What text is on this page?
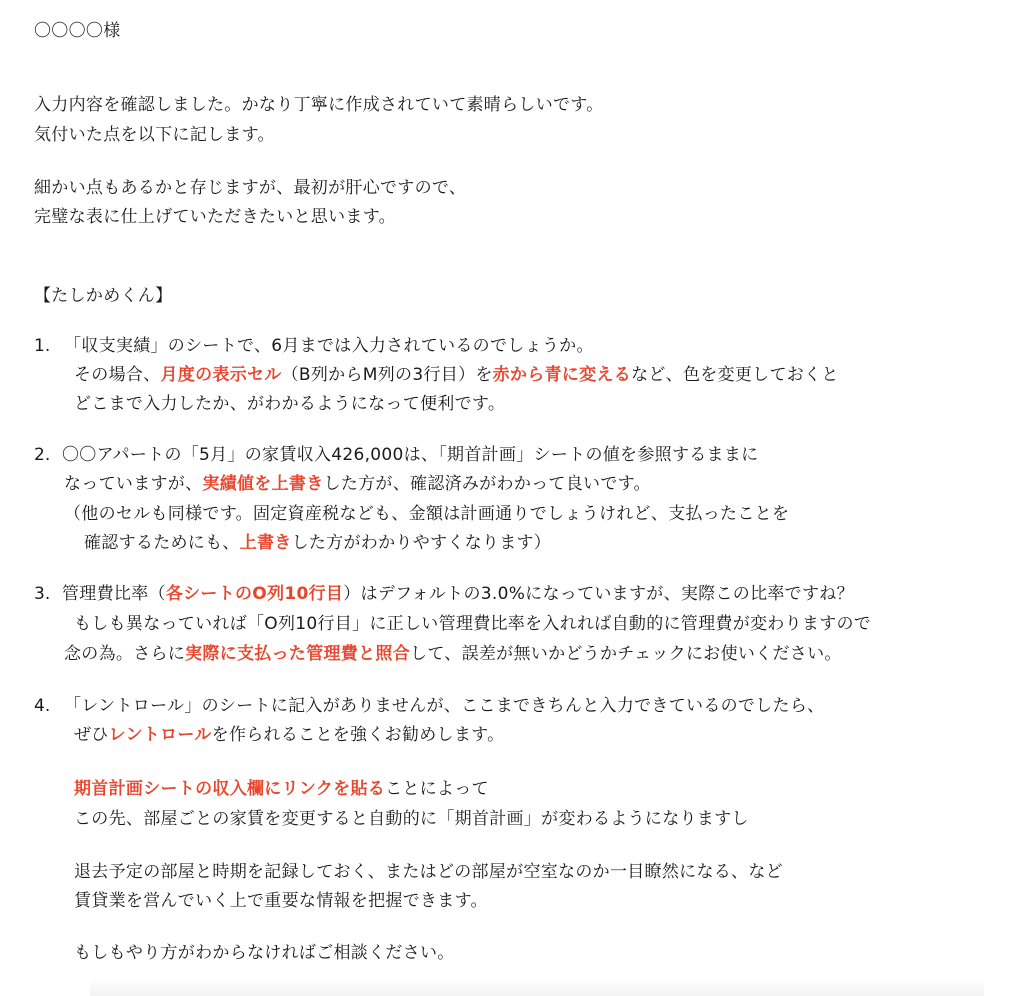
〇〇〇〇様
入力内容を確認しました。かなり丁寧に作成されていて素晴らしいです。
気付いた点を以下に記します。
細かい点もあるかと存じますが、最初が肝心ですので、
完璧な表に仕上げていただきたいと思います。
【たしかめくん】
1. 「収支実績」のシートで、6月までは入力されているのでしょうか。
その場合、月度の表示セル（B列からM列の3行目）を赤から青に変えるなど、色を変更しておくと
どこまで入力したか、がわかるようになって便利です。
2. 〇〇アパートの「5月」の家賃収入426,000は、「期首計画」シートの値を参照するままに
なっていますが、実績値を上書きした方が、確認済みがわかって良いです。
（他のセルも同様です。固定資産税なども、金額は計画通りでしょうけれど、支払ったことを
確認するためにも、上書きした方がわかりやすくなります）
3. 管理費比率（各シートのO列10行目）はデフォルトの3.0%になっていますが、実際この比率ですね？
もしも異なっていれば「O列10行目」に正しい管理費比率を入れれば自動的に管理費が変わりますので
念の為。さらに実際に支払った管理費と照合して、誤差が無いかどうかチェックにお使いください。
4. 「レントロール」のシートに記入がありませんが、ここまできちんと入力できているのでしたら、
ぜひレントロールを作られることを強くお勧めします。
期首計画シートの収入欄にリンクを貼ることによって
この先、部屋ごとの家賃を変更すると自動的に「期首計画」が変わるようになりますし
退去予定の部屋と時期を記録しておく、またはどの部屋が空室なのか一目瞭然になる、など
賃貸業を営んでいく上で重要な情報を把握できます。
もしもやり方がわからなければご相談ください。
